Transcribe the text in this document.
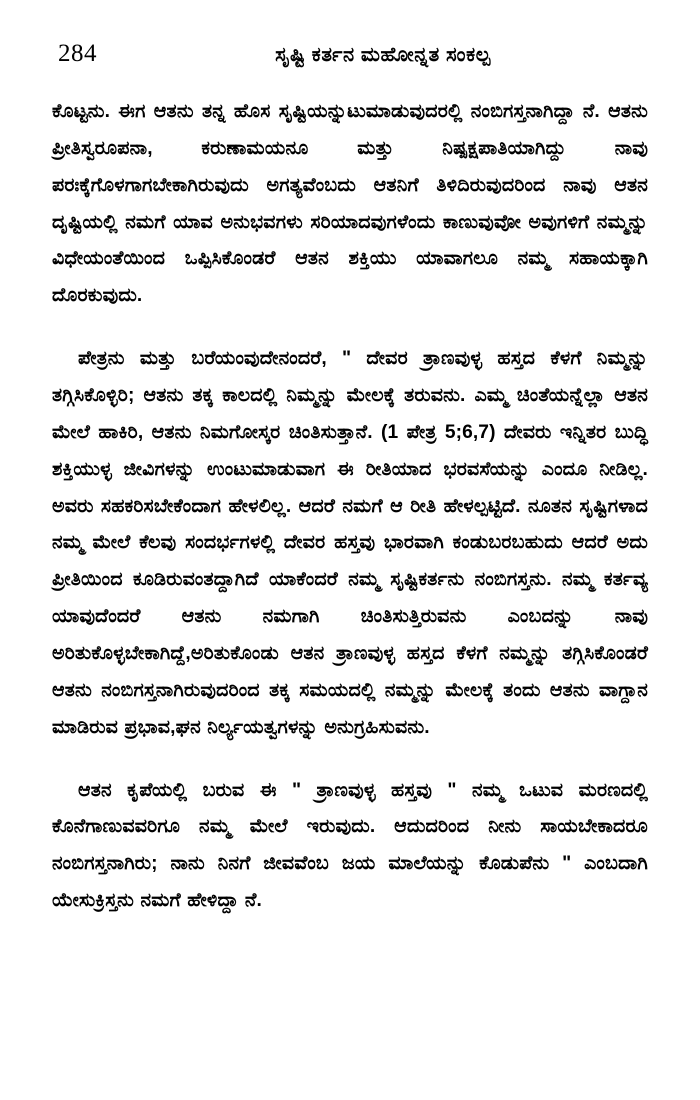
284	ಸೃಷ್ಟಿ ಕರ್ತನ ಮಹೋನ್ನತ ಸಂಕಲ್ಪ

ಕೊಟ್ಟನು. ಈಗ ಆತನು ತನ್ನ ಹೊಸ ಸೃಷ್ಟಿಯನ್ನುಟುಮಾಡುವುದರಲ್ಲಿ ನಂಬಿಗಸ್ತನಾಗಿದ್ದಾ ನೆ. ಆತನು ಪ್ರೀತಿಸ್ವರೂಪನಾ, ಕರುಣಾಮಯನೂ ಮತ್ತು ನಿಷ್ಪಕ್ಷಪಾತಿಯಾಗಿದ್ದು ನಾವು ಪರಃಕ್ಕೆಗೊಳಗಾಗಬೇಕಾಗಿರುವುದು ಅಗತ್ಯವೆಂಬದು ಆತನಿಗೆ ತಿಳಿದಿರುವುದರಿಂದ ನಾವು ಆತನ ದೃಷ್ಟಿಯಲ್ಲಿ ನಮಗೆ ಯಾವ ಅನುಭವಗಳು ಸರಿಯಾದವುಗಳೆಂದು ಕಾಣುವುವೋ ಅವುಗಳಿಗೆ ನಮ್ಮನ್ನು ವಿಧೇಯಂತೆಯಿಂದ ಒಪ್ಪಿಸಿಕೊಂಡರೆ ಆತನ ಶಕ್ತಿಯು ಯಾವಾಗಲೂ ನಮ್ಮ ಸಹಾಯಕ್ಕಾಗಿ ದೊರಕುವುದು.

ಪೇತ್ರನು ಮತ್ತು ಬರೆಯಂವುದೇನಂದರೆ, " ದೇವರ ತ್ರಾಣವುಳ್ಳ ಹಸ್ತದ ಕೆಳಗೆ ನಿಮ್ಮನ್ನು ತಗ್ಗಿಸಿಕೊಳ್ಳಿರಿ; ಆತನು ತಕ್ಕ ಕಾಲದಲ್ಲಿ ನಿಮ್ಮನ್ನು ಮೇಲಕ್ಕೆ ತರುವನು. ಎಮ್ಮ ಚಿಂತೆಯನ್ನೆಲ್ಲಾ ಆತನ ಮೇಲೆ ಹಾಕಿರಿ, ಆತನು ನಿಮಗೋಸ್ಕರ ಚಿಂತಿಸುತ್ತಾನೆ. (1 ಪೇತ್ರ 5;6,7) ದೇವರು ಇನ್ನಿತರ ಬುದ್ಧಿ ಶಕ್ತಿಯುಳ್ಳ ಜೀವಿಗಳನ್ನು ಉಂಟುಮಾಡುವಾಗ ಈ ರೀತಿಯಾದ ಭರವಸೆಯನ್ನು ಎಂದೂ ನೀಡಿಲ್ಲ. ಅವರು ಸಹಕರಿಸಬೇಕೆಂದಾಗ ಹೇಳಲಿಲ್ಲ. ಆದರೆ ನಮಗೆ ಆ ರೀತಿ ಹೇಳಲ್ಪಟ್ಟಿದೆ. ನೂತನ ಸೃಷ್ಟಿಗಳಾದ ನಮ್ಮ ಮೇಲೆ ಕೆಲವು ಸಂದರ್ಭಗಳಲ್ಲಿ ದೇವರ ಹಸ್ತವು ಭಾರವಾಗಿ ಕಂಡುಬರಬಹುದು ಆದರೆ ಅದು ಪ್ರೀತಿಯಿಂದ ಕೂಡಿರುವಂತದ್ದಾಗಿದೆ ಯಾಕೆಂದರೆ ನಮ್ಮ ಸೃಷ್ಟಿಕರ್ತನು ನಂಬಿಗಸ್ತನು. ನಮ್ಮ ಕರ್ತವ್ಯ ಯಾವುದೆಂದರೆ ಆತನು ನಮಗಾಗಿ ಚಿಂತಿಸುತ್ತಿರುವನು ಎಂಬದನ್ನು ನಾವು ಅರಿತುಕೊಳ್ಳಬೇಕಾಗಿದ್ದೆ,ಅರಿತುಕೊಂಡು ಆತನ ತ್ರಾಣವುಳ್ಳ ಹಸ್ತದ ಕೆಳಗೆ ನಮ್ಮನ್ನು ತಗ್ಗಿಸಿಕೊಂಡರೆ ಆತನು ನಂಬಿಗಸ್ತನಾಗಿರುವುದರಿಂದ ತಕ್ಕ ಸಮಯದಲ್ಲಿ ನಮ್ಮನ್ನು ಮೇಲಕ್ಕೆ ತಂದು ಆತನು ವಾಗ್ದಾನ ಮಾಡಿರುವ ಪ್ರಭಾವ,ಘನ ನಿರ್ಲ್ಯಯತ್ವಗಳನ್ನು ಅನುಗ್ರಹಿಸುವನು.

ಆತನ ಕೃಪೆಯಲ್ಲಿ ಬರುವ ಈ " ತ್ರಾಣವುಳ್ಳ ಹಸ್ತವು " ನಮ್ಮ ಒಟುವ ಮರಣದಲ್ಲಿ ಕೊನೆಗಾಣುವವರಿಗೂ ನಮ್ಮ ಮೇಲೆ ಇರುವುದು. ಆದುದರಿಂದ ನೀನು ಸಾಯಬೇಕಾದರೂ ನಂಬಿಗಸ್ತನಾಗಿರು; ನಾನು ನಿನಗೆ ಜೀವವೆಂಬ ಜಯ ಮಾಲೆಯನ್ನು ಕೊಡುಪೆನು " ಎಂಬದಾಗಿ ಯೇಸುಕ್ರಿಸ್ತನು ನಮಗೆ ಹೇಳಿದ್ದಾ ನೆ.
